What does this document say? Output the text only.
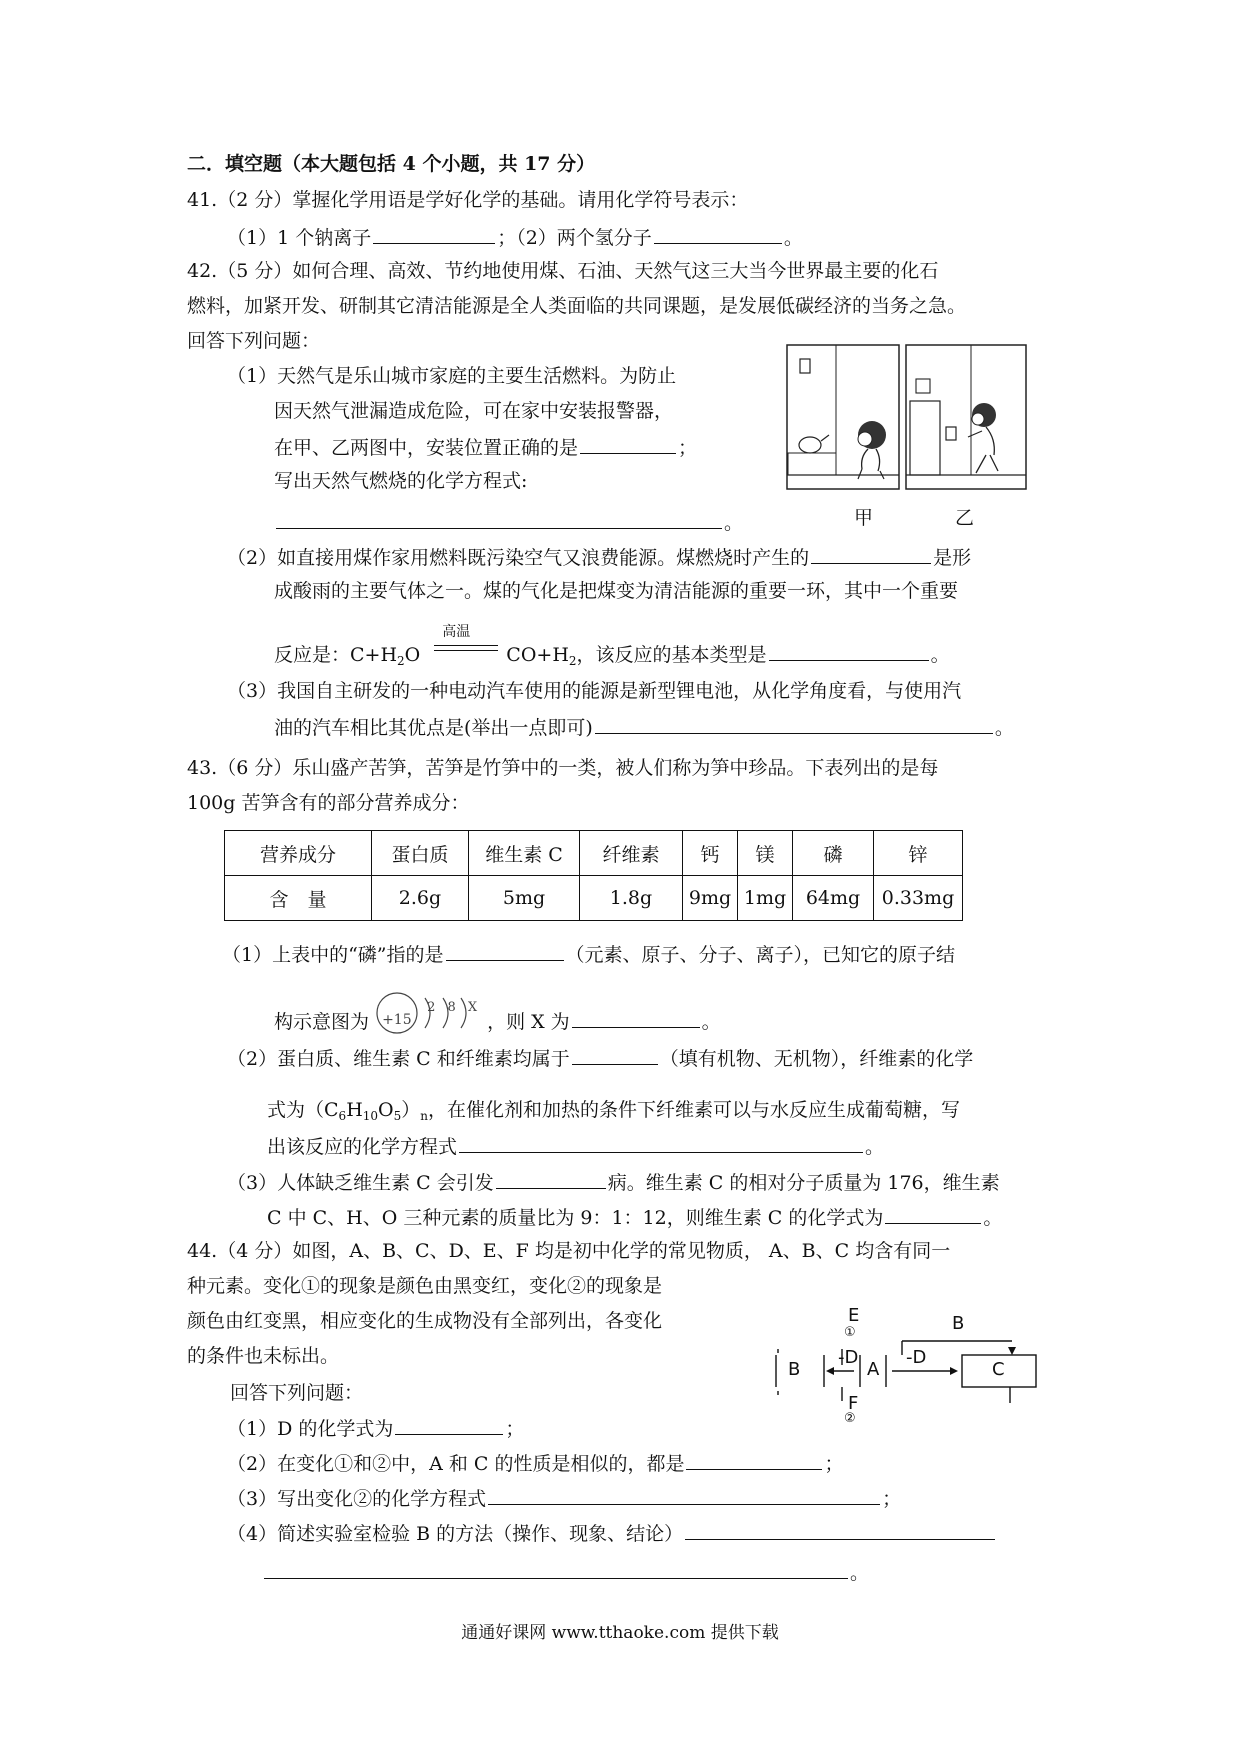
二．填空题（本大题包括 4 个小题，共 17 分）
41.（2 分）掌握化学用语是学好化学的基础。请用化学符号表示：
（1）1 个钠离子	；（2）两个氢分子	。
42.（5 分）如何合理、高效、节约地使用煤、石油、天然气这三大当今世界最主要的化石
燃料，加紧开发、研制其它清洁能源是全人类面临的共同课题，是发展低碳经济的当务之急。
回答下列问题：
（1）天然气是乐山城市家庭的主要生活燃料。为防止
因天然气泄漏造成危险，可在家中安装报警器，
在甲、乙两图中，安装位置正确的是	；
写出天然气燃烧的化学方程式:
。	甲	乙
（2）如直接用煤作家用燃料既污染空气又浪费能源。煤燃烧时产生的	是形
成酸雨的主要气体之一。煤的气化是把煤变为清洁能源的重要一环，其中一个重要
反应是：$C+H_2O$
高温
$CO+H_2$，该反应的基本类型是	。
（3）我国自主研发的一种电动汽车使用的能源是新型锂电池，从化学角度看，与使用汽
油的汽车相比其优点是(举出一点即可)	。
43.（6 分）乐山盛产苦笋，苦笋是竹笋中的一类，被人们称为笋中珍品。下表列出的是每
100g 苦笋含有的部分营养成分：
营养成分	蛋白质	维生素 C	纤维素	钙	镁	磷	锌
含　量	2.6g	5mg	1.8g	9mg	1mg	64mg	0.33mg
（1）上表中的“磷”指的是	（元素、原子、分子、离子），已知它的原子结
构示意图为 +15
2 8 X
，则 X 为	。
（2）蛋白质、维生素 C 和纤维素均属于	（填有机物、无机物），纤维素的化学
式为$(C_6H_{10}O_5)_n$，在催化剂和加热的条件下纤维素可以与水反应生成葡萄糖，写
出该反应的化学方程式	。
（3）人体缺乏维生素 C 会引发	病。维生素 C 的相对分子质量为 176，维生素
C 中 C、H、O 三种元素的质量比为 9：1：12，则维生素 C 的化学式为	。
44.（4 分）如图，A、B、C、D、E、F 均是初中化学的常见物质， A、B、C 均含有同一
种元素。变化①的现象是颜色由黑变红，变化②的现象是
颜色由红变黑，相应变化的生成物没有全部列出，各变化
的条件也未标出。
回答下列问题：
E
①	B
B
-D
A
-D
C
F
②
（1）D 的化学式为	；
（2）在变化①和②中，A 和 C 的性质是相似的，都是	；
（3）写出变化②的化学方程式	；
（4）简述实验室检验 B 的方法（操作、现象、结论）
。
通通好课网 www.tthaoke.com 提供下载
